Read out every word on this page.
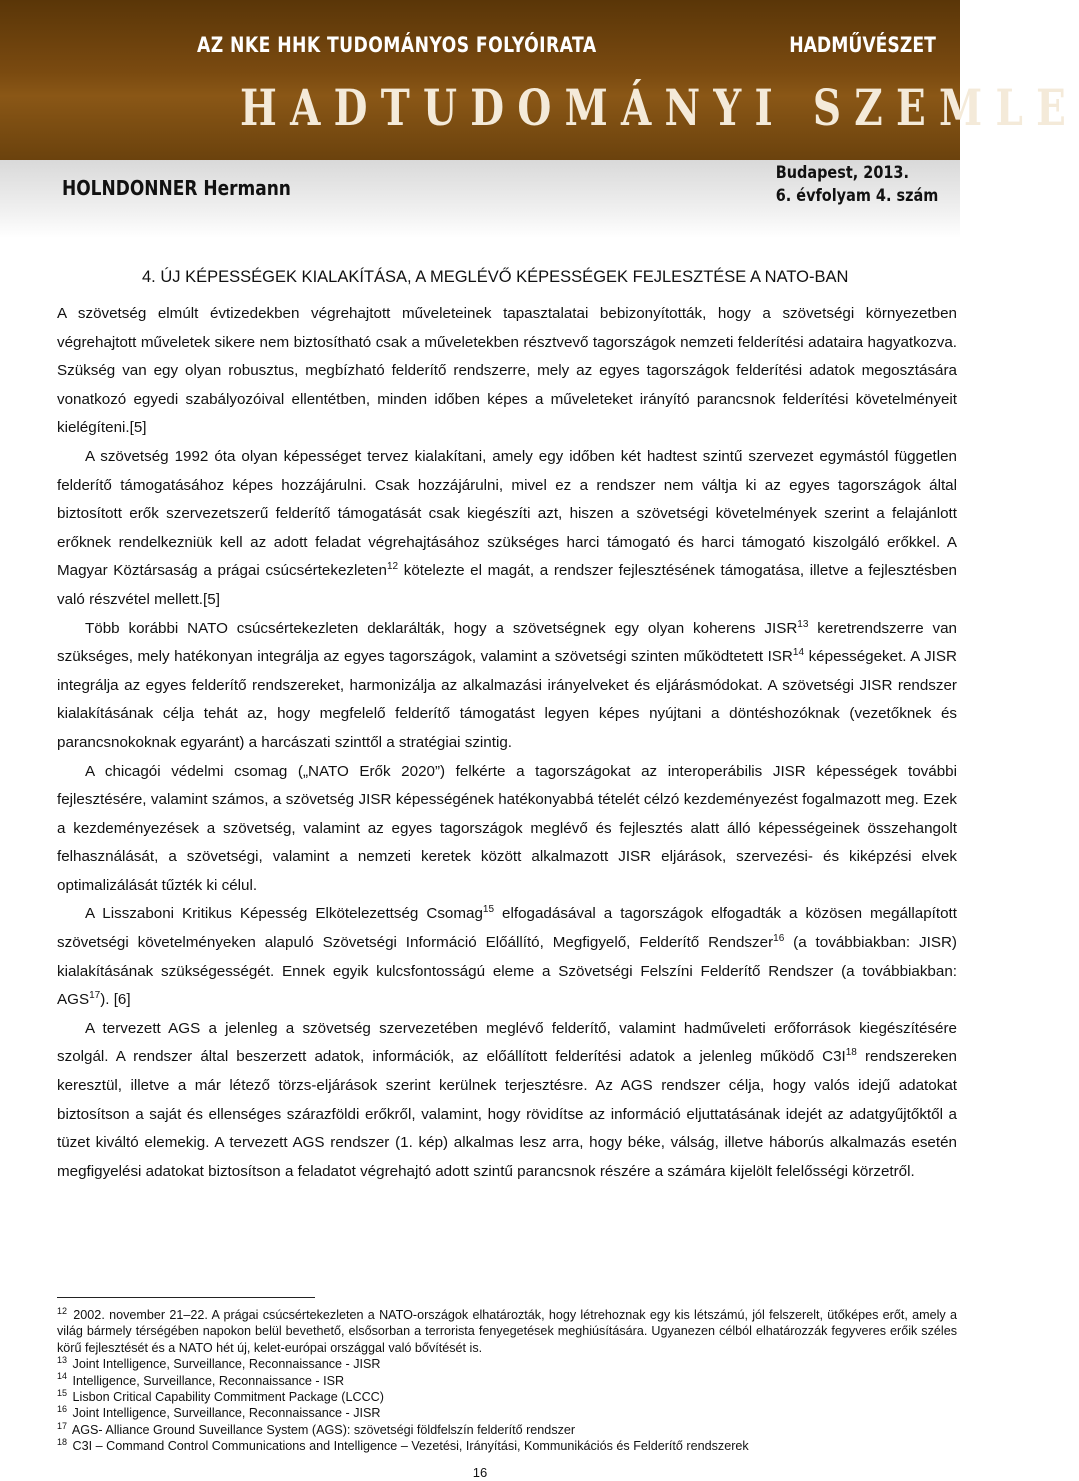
AZ NKE HHK TUDOMÁNYOS FOLYÓIRATA	HADMŰVÉSZET
HADTUDOMÁNYI SZEMLE
HOLNDONNER Hermann
Budapest, 2013.
6. évfolyam 4. szám
4. ÚJ KÉPESSÉGEK KIALAKÍTÁSA, A MEGLÉVŐ KÉPESSÉGEK FEJLESZTÉSE A NATO-BAN

A szövetség elmúlt évtizedekben végrehajtott műveleteinek tapasztalatai bebizonyították, hogy a szövetségi környezetben végrehajtott műveletek sikere nem biztosítható csak a műveletekben résztvevő tagországok nemzeti felderítési adataira hagyatkozva. Szükség van egy olyan robusztus, megbízható felderítő rendszerre, mely az egyes tagországok felderítési adatok megosztására vonatkozó egyedi szabályozóival ellentétben, minden időben képes a műveleteket irányító parancsnok felderítési követelményeit kielégíteni.[5]

A szövetség 1992 óta olyan képességet tervez kialakítani, amely egy időben két hadtest szintű szervezet egymástól független felderítő támogatásához képes hozzájárulni. Csak hozzájárulni, mivel ez a rendszer nem váltja ki az egyes tagországok által biztosított erők szervezetszerű felderítő támogatását csak kiegészíti azt, hiszen a szövetségi követelmények szerint a felajánlott erőknek rendelkezniük kell az adott feladat végrehajtásához szükséges harci támogató és harci támogató kiszolgáló erőkkel. A Magyar Köztársaság a prágai csúcsértekezleten$^{12}$ kötelezte el magát, a rendszer fejlesztésének támogatása, illetve a fejlesztésben való részvétel mellett.[5]

Több korábbi NATO csúcsértekezleten deklarálták, hogy a szövetségnek egy olyan koherens JISR$^{13}$ keretrendszerre van szükséges, mely hatékonyan integrálja az egyes tagországok, valamint a szövetségi szinten működtetett ISR$^{14}$ képességeket. A JISR integrálja az egyes felderítő rendszereket, harmonizálja az alkalmazási irányelveket és eljárásmódokat. A szövetségi JISR rendszer kialakításának célja tehát az, hogy megfelelő felderítő támogatást legyen képes nyújtani a döntéshozóknak (vezetőknek és parancsnokoknak egyaránt) a harcászati szinttől a stratégiai szintig.

A chicagói védelmi csomag („NATO Erők 2020”) felkérte a tagországokat az interoperábilis JISR képességek további fejlesztésére, valamint számos, a szövetség JISR képességének hatékonyabbá tételét célzó kezdeményezést fogalmazott meg. Ezek a kezdeményezések a szövetség, valamint az egyes tagországok meglévő és fejlesztés alatt álló képességeinek összehangolt felhasználását, a szövetségi, valamint a nemzeti keretek között alkalmazott JISR eljárások, szervezési- és kiképzési elvek optimalizálását tűzték ki célul.

A Lisszaboni Kritikus Képesség Elkötelezettség Csomag$^{15}$ elfogadásával a tagországok elfogadták a közösen megállapított szövetségi követelményeken alapuló Szövetségi Információ Előállító, Megfigyelő, Felderítő Rendszer$^{16}$ (a továbbiakban: JISR) kialakításának szükségességét. Ennek egyik kulcsfontosságú eleme a Szövetségi Felszíni Felderítő Rendszer (a továbbiakban: AGS$^{17}$). [6]

A tervezett AGS a jelenleg a szövetség szervezetében meglévő felderítő, valamint hadműveleti erőforrások kiegészítésére szolgál. A rendszer által beszerzett adatok, információk, az előállított felderítési adatok a jelenleg működő $C3I^{18}$ rendszereken keresztül, illetve a már létező törzs-eljárások szerint kerülnek terjesztésre. Az AGS rendszer célja, hogy valós idejű adatokat biztosítson a saját és ellenséges szárazföldi erőkről, valamint, hogy rövidítse az információ eljuttatásának idejét az adatgyűjtőktől a tüzet kiváltó elemekig. A tervezett AGS rendszer (1. kép) alkalmas lesz arra, hogy béke, válság, illetve háborús alkalmazás esetén megfigyelési adatokat biztosítson a feladatot végrehajtó adott szintű parancsnok részére a számára kijelölt felelősségi körzetről.

$^{12}$ 2002. november 21–22. A prágai csúcsértekezleten a NATO-országok elhatározták, hogy létrehoznak egy kis létszámú, jól felszerelt, ütőképes erőt, amely a világ bármely térségében napokon belül bevethető, elsősorban a terrorista fenyegetések meghiúsítására. Ugyanezen célból elhatározzák fegyveres erőik széles körű fejlesztését és a NATO hét új, kelet-európai országgal való bővítését is.

$^{13}$ Joint Intelligence, Surveillance, Reconnaissance - JISR

$^{14}$ Intelligence, Surveillance, Reconnaissance - ISR

$^{15}$ Lisbon Critical Capability Commitment Package (LCCC)

$^{16}$ Joint Intelligence, Surveillance, Reconnaissance - JISR

$^{17}$ AGS- Alliance Ground Suveillance System (AGS): szövetségi földfelszín felderítő rendszer

$^{18}$ C3I – Command Control Communications and Intelligence – Vezetési, Irányítási, Kommunikációs és Felderítő rendszerek

16
